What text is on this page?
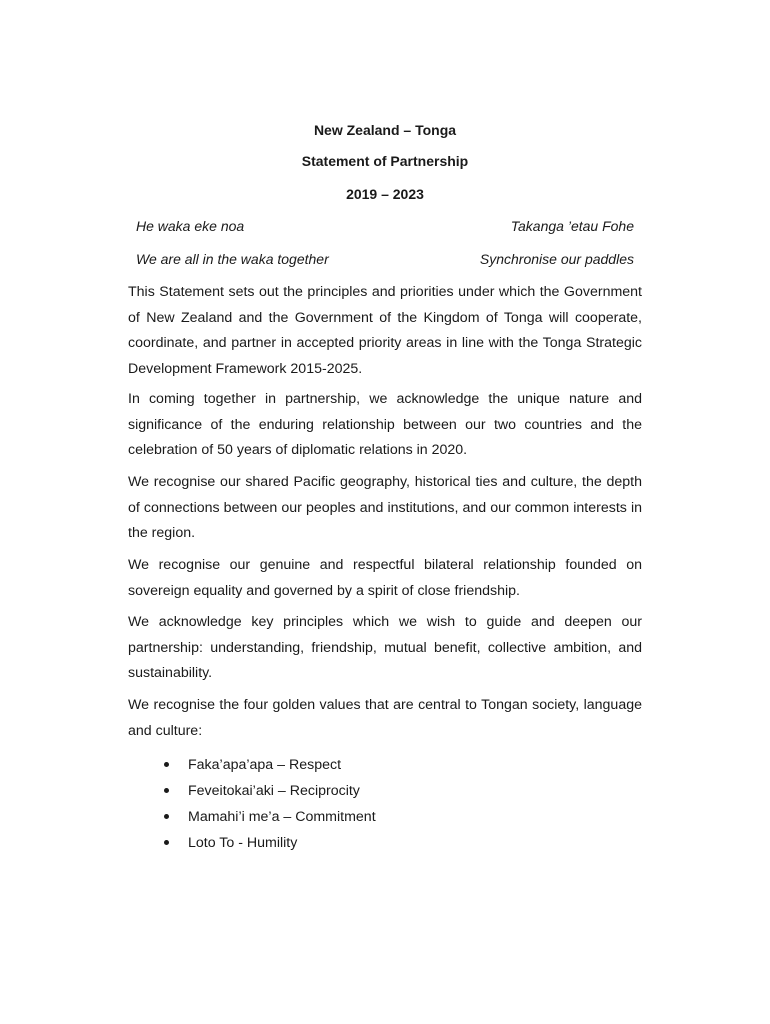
New Zealand – Tonga
Statement of Partnership
2019 – 2023
He waka eke noa	Takanga ’etau Fohe
We are all in the waka together	Synchronise our paddles

This Statement sets out the principles and priorities under which the Government of New Zealand and the Government of the Kingdom of Tonga will cooperate, coordinate, and partner in accepted priority areas in line with the Tonga Strategic Development Framework 2015-2025.

In coming together in partnership, we acknowledge the unique nature and significance of the enduring relationship between our two countries and the celebration of 50 years of diplomatic relations in 2020.

We recognise our shared Pacific geography, historical ties and culture, the depth of connections between our peoples and institutions, and our common interests in the region.

We recognise our genuine and respectful bilateral relationship founded on sovereign equality and governed by a spirit of close friendship.

We acknowledge key principles which we wish to guide and deepen our partnership: understanding, friendship, mutual benefit, collective ambition, and sustainability.

We recognise the four golden values that are central to Tongan society, language and culture:

Faka’apa’apa – Respect
Feveitokai’aki – Reciprocity
Mamahi’i me’a – Commitment
Loto To - Humility
